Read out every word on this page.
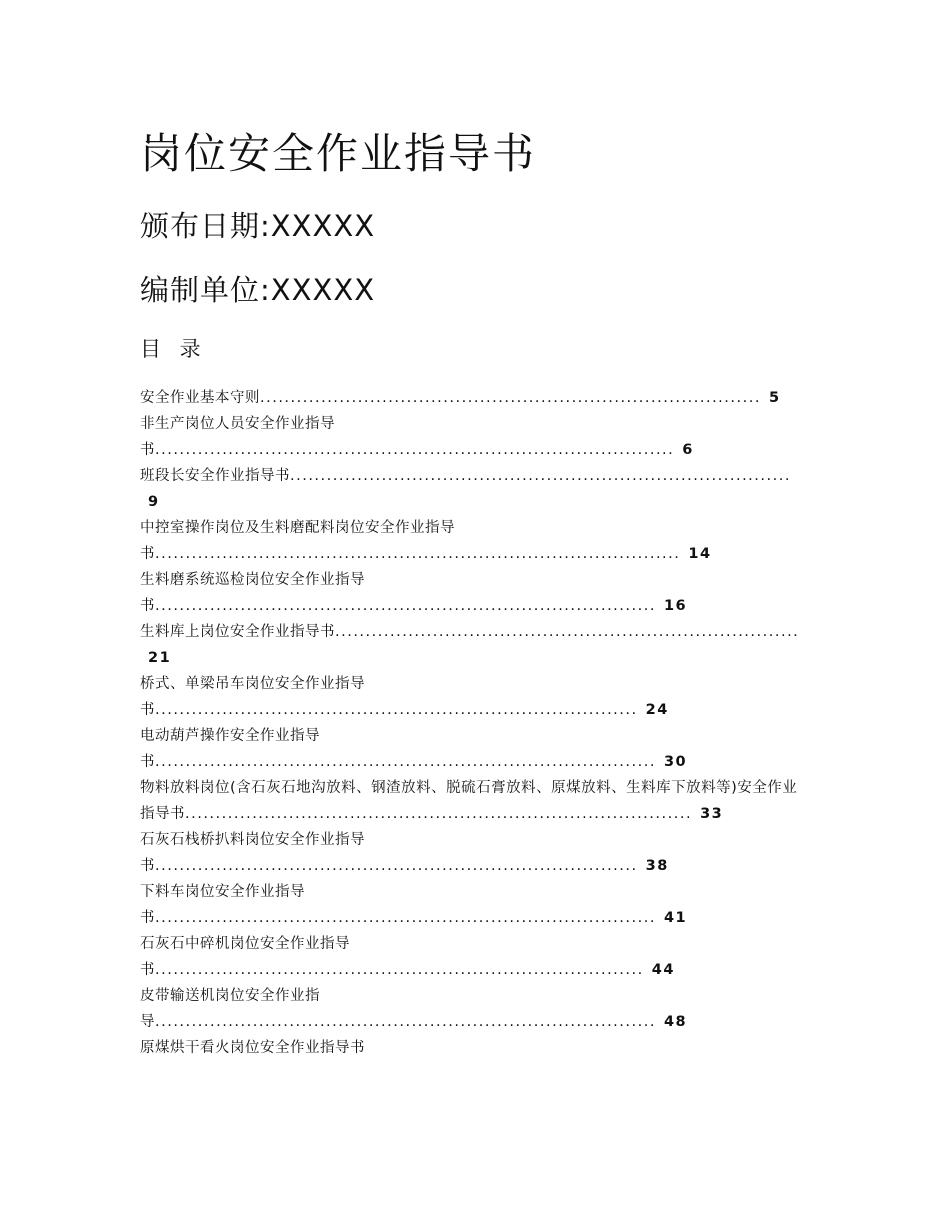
岗位安全作业指导书

颁布日期:XXXXX

编制单位:XXXXX

目 录
安全作业基本守则.................................................................................. 5
非生产岗位人员安全作业指导书..................................................................................... 6
班段长安全作业指导书..................................................................................9
中控室操作岗位及生料磨配料岗位安全作业指导书...................................................................................... 14
生料磨系统巡检岗位安全作业指导书.................................................................................. 16
生料库上岗位安全作业指导书............................................................................21
桥式、单梁吊车岗位安全作业指导书............................................................................... 24
电动葫芦操作安全作业指导书.................................................................................. 30
物料放料岗位(含石灰石地沟放料、钢渣放料、脱硫石膏放料、原煤放料、生料库下放料等)安全作业指导书................................................................................... 33
石灰石栈桥扒料岗位安全作业指导书............................................................................... 38
下料车岗位安全作业指导书.................................................................................. 41
石灰石中碎机岗位安全作业指导书................................................................................ 44
皮带输送机岗位安全作业指导.................................................................................. 48
原煤烘干看火岗位安全作业指导书
